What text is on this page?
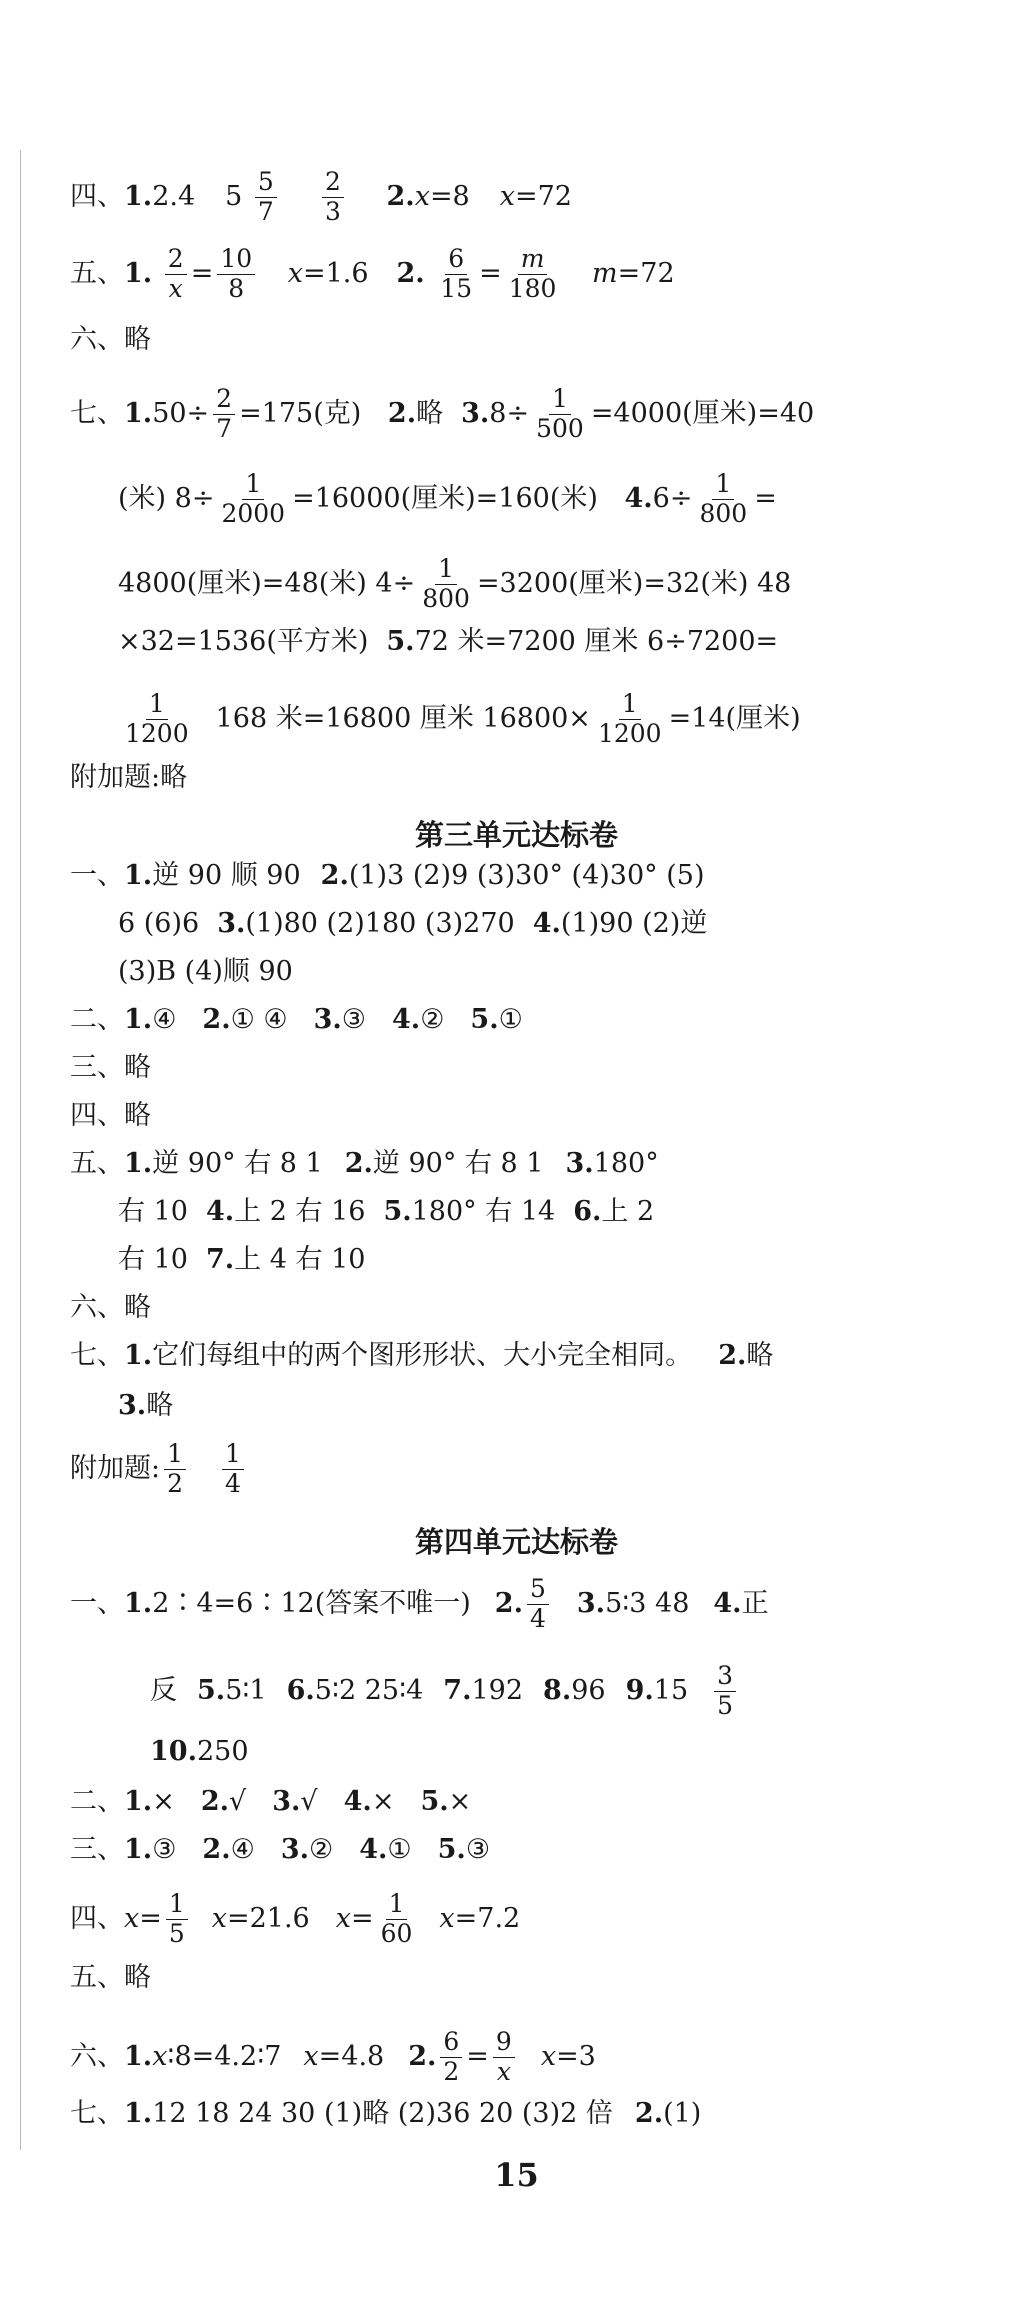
四、1.2.4 $5 \frac{5}{7}$
$\frac{2}{3} 2.x=8$ x=72
五、1. $\frac{2}{x} = \frac{10}{8} x=1.6$ 2. $\frac{6}{15} = \frac{m}{180} m=72$
六、略
七、$1.50\div \frac{2}{7} =175$(克) 2.略 $3.8\div \frac{1}{500} =4000$(厘米)=40
(米) $8\div \frac{1}{2000} =16000$(厘米)=160(米) $4.6\div \frac{1}{800}$ =
4800(厘米)=48(米) $4\div \frac{1}{800} =3200$(厘米)=32(米) 48
×32=1536(平方米) 5.72 米=7200 厘米 6÷7200=
$\frac{1}{1200} 168$ 米=16800 厘米 $16800\times \frac{1}{1200} =14$(厘米)
附加题:略
第三单元达标卷
一、1.逆 90 顺 90 2.(1)3 (2)9 (3)30° (4)30° (5)
6 (6)6 3.(1)80 (2)180 (3)270 4.(1)90 (2)逆
(3)B (4)顺 90
二、1.④ 2.① ④ 3.③ 4.② 5.①
三、略
四、略
五、1.逆 90° 右 8 1 2.逆 90° 右 8 1 3.180°
右 10 4.上 2 右 16 5.180° 右 14 6.上 2
右 10 7.上 4 右 10
六、略
七、1.它们每组中的两个图形形状、大小完全相同。 2.略
3.略
附加题: $\frac{1}{2} \frac{1}{4}$
第四单元达标卷
一、1.2∶4=6∶12(答案不唯一) 2. $\frac{5}{4}$ 3.5∶3 48 4.正
反 5.5∶1 6.5∶2 25∶4 7.192 8.96 $9.15 \frac{3}{5}$
10.250
二、1.× 2.√ 3.√ 4.× 5.×
三、1.③ 2.④ 3.② 4.① 5.③
四、$x= \frac{1}{5} x=21.6$ $x= \frac{1}{60} x=7.2$
五、略
六、1.x∶8=4.2∶7 x=4.8 2. $\frac{6}{2} = \frac{9}{x} x=3$
七、1.12 18 24 30 (1)略 (2)36 20 (3)2 倍 2.(1)
15
